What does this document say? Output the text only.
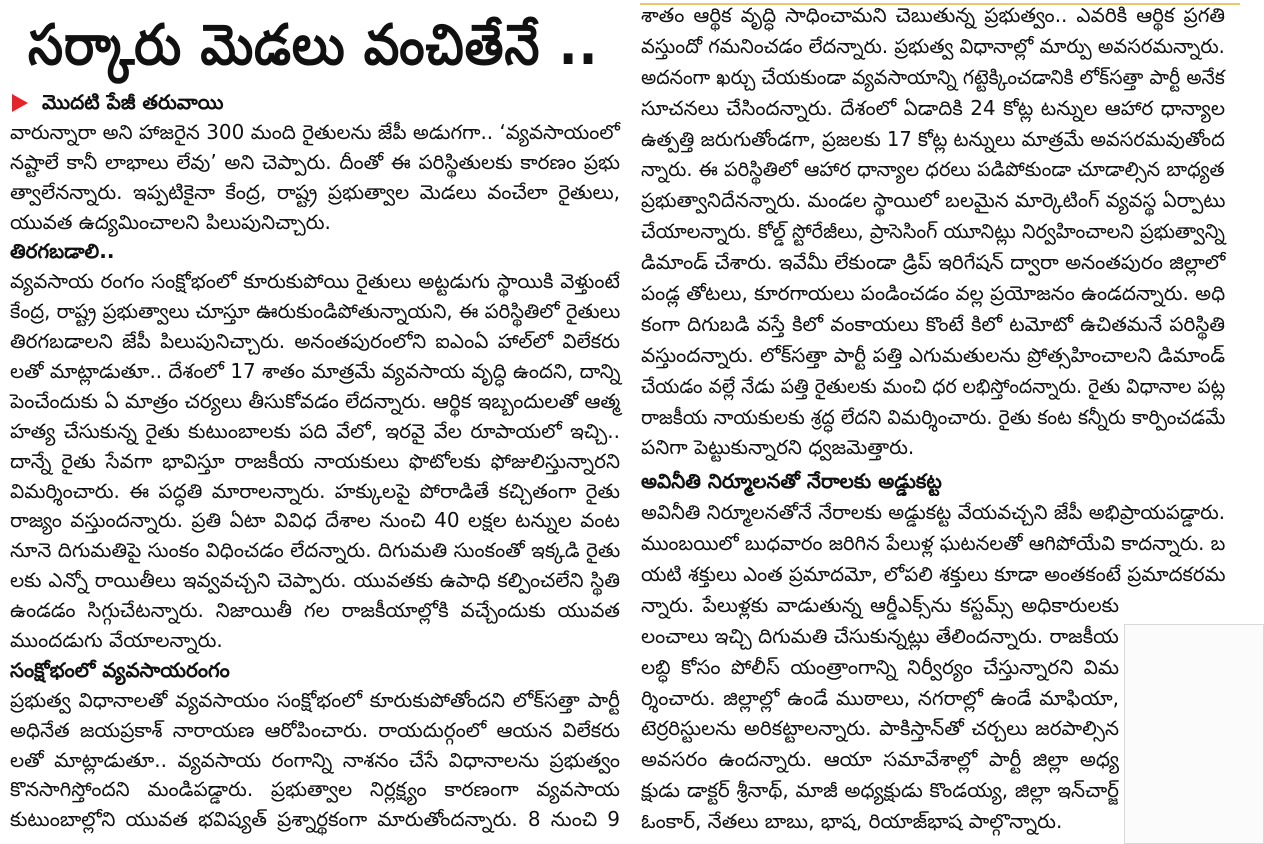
సర్కారు మెడలు వంచితేనే ..
మొదటి పేజీ తరువాయి
వారున్నారా అని హాజరైన 300 మంది రైతులను జేపీ అడుగగా.. ‘వ్యవసాయంలో
నష్టాలే కానీ లాభాలు లేవు’ అని చెప్పారు. దీంతో ఈ పరిస్థితులకు కారణం ప్రభు
త్వాలేనన్నారు. ఇప్పటికైనా కేంద్ర, రాష్ట్ర ప్రభుత్వాల మెడలు వంచేలా రైతులు,
యువత ఉద్యమించాలని పిలుపునిచ్చారు.
తిరగబడాలి..
వ్యవసాయ రంగం సంక్షోభంలో కూరుకుపోయి రైతులు అట్టడుగు స్థాయికి వెళ్తుంటే
కేంద్ర, రాష్ట్ర ప్రభుత్వాలు చూస్తూ ఊరుకుండిపోతున్నాయని, ఈ పరిస్థితిలో రైతులు
తిరగబడాలని జేపీ పిలుపునిచ్చారు. అనంతపురంలోని ఐఎంఏ హాల్‌లో విలేకరు
లతో మాట్లాడుతూ.. దేశంలో 17 శాతం మాత్రమే వ్యవసాయ వృద్ధి ఉందని, దాన్ని
పెంచేందుకు ఏ మాత్రం చర్యలు తీసుకోవడం లేదన్నారు. ఆర్థిక ఇబ్బందులతో ఆత్మ
హత్య చేసుకున్న రైతు కుటుంబాలకు పది వేలో, ఇరవై వేల రూపాయలో ఇచ్చి..
దాన్నే రైతు సేవగా భావిస్తూ రాజకీయ నాయకులు ఫొటోలకు ఫోజులిస్తున్నారని
విమర్శించారు. ఈ పద్ధతి మారాలన్నారు. హక్కులపై పోరాడితే కచ్చితంగా రైతు
రాజ్యం వస్తుందన్నారు. ప్రతి ఏటా వివిధ దేశాల నుంచి 40 లక్షల టన్నుల వంట
నూనె దిగుమతిపై సుంకం విధించడం లేదన్నారు. దిగుమతి సుంకంతో ఇక్కడి రైతు
లకు ఎన్నో రాయితీలు ఇవ్వవచ్చని చెప్పారు. యువతకు ఉపాధి కల్పించలేని స్థితి
ఉండడం సిగ్గుచేటన్నారు. నిజాయితీ గల రాజకీయాల్లోకి వచ్చేందుకు యువత
ముందడుగు వేయాలన్నారు.
సంక్షోభంలో వ్యవసాయరంగం
ప్రభుత్వ విధానాలతో వ్యవసాయం సంక్షోభంలో కూరుకుపోతోందని లోక్‌సత్తా పార్టీ
అధినేత జయప్రకాశ్ నారాయణ ఆరోపించారు. రాయదుర్గంలో ఆయన విలేకరు
లతో మాట్లాడుతూ.. వ్యవసాయ రంగాన్ని నాశనం చేసే విధానాలను ప్రభుత్వం
కొనసాగిస్తోందని మండిపడ్డారు. ప్రభుత్వాల నిర్లక్ష్యం కారణంగా వ్యవసాయ
కుటుంబాల్లోని యువత భవిష్యత్ ప్రశ్నార్థకంగా మారుతోందన్నారు. 8 నుంచి 9
శాతం ఆర్థిక వృద్ధి సాధించామని చెబుతున్న ప్రభుత్వం.. ఎవరికి ఆర్థిక ప్రగతి
వస్తుందో గమనించడం లేదన్నారు. ప్రభుత్వ విధానాల్లో మార్పు అవసరమన్నారు.
అదనంగా ఖర్చు చేయకుండా వ్యవసాయాన్ని గట్టెక్కించడానికి లోక్‌సత్తా పార్టీ అనేక
సూచనలు చేసిందన్నారు. దేశంలో ఏడాదికి 24 కోట్ల టన్నుల ఆహార ధాన్యాల
ఉత్పత్తి జరుగుతోండగా, ప్రజలకు 17 కోట్ల టన్నులు మాత్రమే అవసరమవుతోంద
న్నారు. ఈ పరిస్థితిలో ఆహార ధాన్యాల ధరలు పడిపోకుండా చూడాల్సిన బాధ్యత
ప్రభుత్వానిదేనన్నారు. మండల స్థాయిలో బలమైన మార్కెటింగ్ వ్యవస్థ ఏర్పాటు
చేయాలన్నారు. కోల్డ్ స్టోరేజీలు, ప్రాసెసింగ్ యూనిట్లు నిర్వహించాలని ప్రభుత్వాన్ని
డిమాండ్ చేశారు. ఇవేమీ లేకుండా డ్రిప్ ఇరిగేషన్ ద్వారా అనంతపురం జిల్లాలో
పండ్ల తోటలు, కూరగాయలు పండించడం వల్ల ప్రయోజనం ఉండదన్నారు. అధి
కంగా దిగుబడి వస్తే కిలో వంకాయలు కొంటే కిలో టమోటో ఉచితమనే పరిస్థితి
వస్తుందన్నారు. లోక్‌సత్తా పార్టీ పత్తి ఎగుమతులను ప్రోత్సహించాలని డిమాండ్
చేయడం వల్లే నేడు పత్తి రైతులకు మంచి ధర లభిస్తోందన్నారు. రైతు విధానాల పట్ల
రాజకీయ నాయకులకు శ్రద్ధ లేదని విమర్శించారు. రైతు కంట కన్నీరు కార్పించడమే
పనిగా పెట్టుకున్నారని ధ్వజమెత్తారు.
అవినీతి నిర్మూలనతో నేరాలకు అడ్డుకట్ట
అవినీతి నిర్మూలనతోనే నేరాలకు అడ్డుకట్ట వేయవచ్చని జేపీ అభిప్రాయపడ్డారు.
ముంబయిలో బుధవారం జరిగిన పేలుళ్ల ఘటనలతో ఆగిపోయేవి కాదన్నారు. బ
యటి శక్తులు ఎంత ప్రమాదమో, లోపలి శక్తులు కూడా అంతకంటే ప్రమాదకరమ
న్నారు. పేలుళ్లకు వాడుతున్న ఆర్డీఎక్స్‌ను కస్టమ్స్ అధికారులకు
లంచాలు ఇచ్చి దిగుమతి చేసుకున్నట్లు తేలిందన్నారు. రాజకీయ
లబ్ధి కోసం పోలీస్ యంత్రాంగాన్ని నిర్వీర్యం చేస్తున్నారని విమ
ర్శించారు. జిల్లాల్లో ఉండే ముఠాలు, నగరాల్లో ఉండే మాఫియా,
టెర్రరిస్టులను అరికట్టాలన్నారు. పాకిస్తాన్‌తో చర్చలు జరపాల్సిన
అవసరం ఉందన్నారు. ఆయా సమావేశాల్లో పార్టీ జిల్లా అధ్య
క్షుడు డాక్టర్ శ్రీనాథ్, మాజీ అధ్యక్షుడు కొండయ్య, జిల్లా ఇన్‌చార్జ్
ఓంకార్, నేతలు బాబు, భాష, రియాజ్‌భాష పాల్గొన్నారు.
